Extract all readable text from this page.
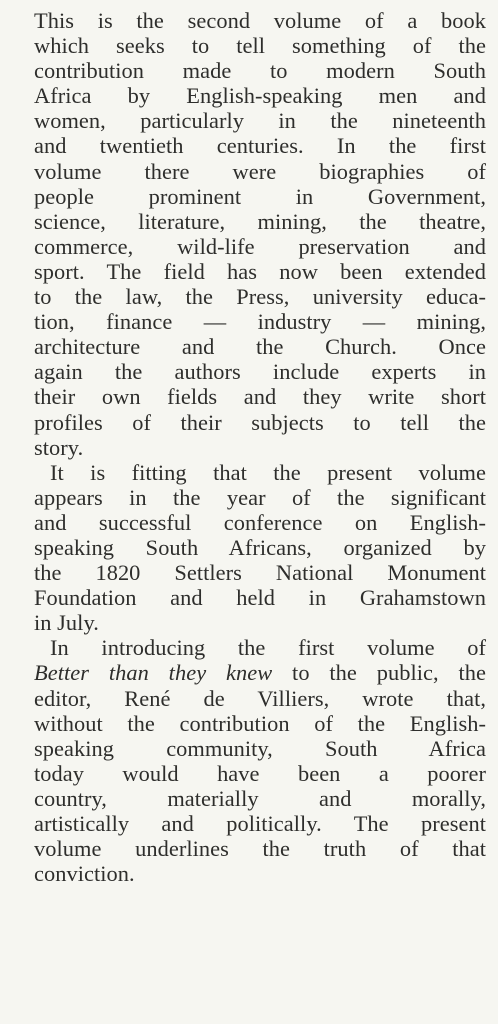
This is the second volume of a book
which seeks to tell something of the
contribution made to modern South
Africa by English-speaking men and
women, particularly in the nineteenth
and twentieth centuries. In the first
volume there were biographies of
people prominent in Government,
science, literature, mining, the theatre,
commerce, wild-life preservation and
sport. The field has now been extended
to the law, the Press, university educa-
tion, finance — industry — mining,
architecture and the Church. Once
again the authors include experts in
their own fields and they write short
profiles of their subjects to tell the
story.
It is fitting that the present volume
appears in the year of the significant
and successful conference on English-
speaking South Africans, organized by
the 1820 Settlers National Monument
Foundation and held in Grahamstown
in July.
In introducing the first volume of
Better than they knew to the public, the
editor, René de Villiers, wrote that,
without the contribution of the English-
speaking community, South Africa
today would have been a poorer
country, materially and morally,
artistically and politically. The present
volume underlines the truth of that
conviction.
